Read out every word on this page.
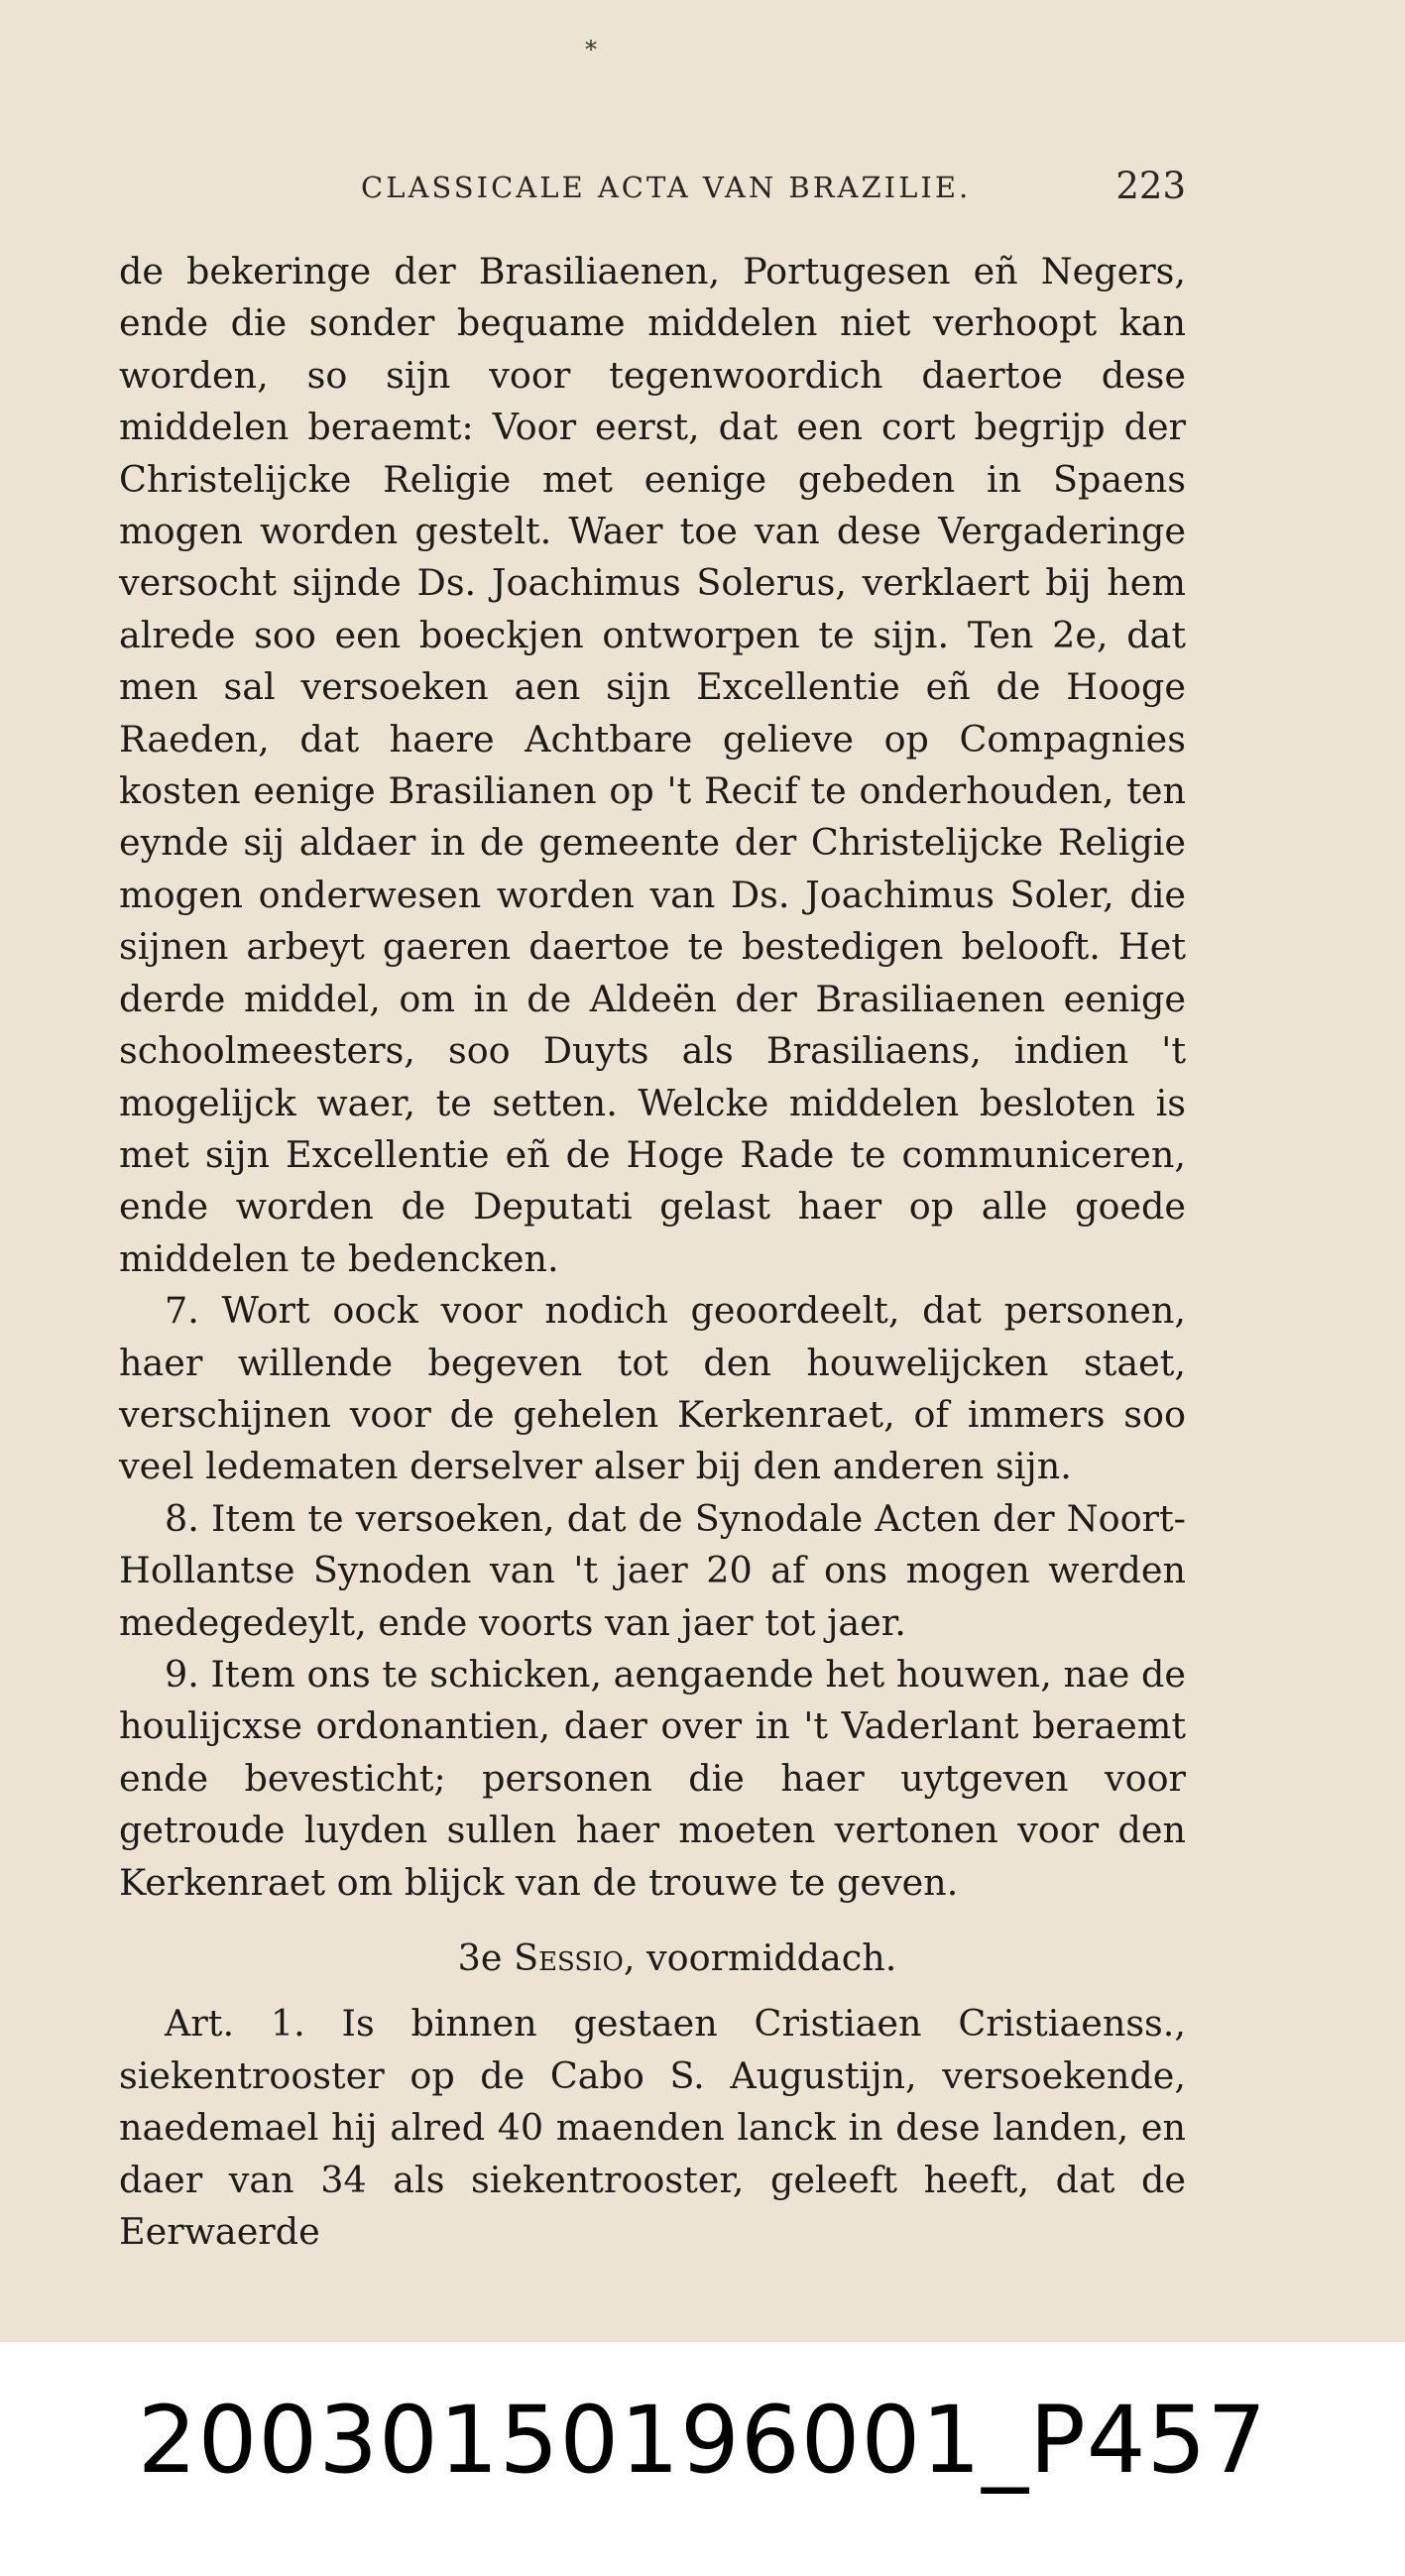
*
CLASSICALE ACTA VAN BRAZILIE.	223

de bekeringe der Brasiliaenen, Portugesen eñ Negers, ende die sonder bequame middelen niet verhoopt kan worden, so sijn voor tegenwoordich daertoe dese middelen beraemt: Voor eerst, dat een cort begrijp der Christelijcke Religie met eenige gebeden in Spaens mogen worden gestelt. Waer toe van dese Vergaderinge versocht sijnde Ds. Joachimus Solerus, verklaert bij hem alrede soo een boeckjen ontworpen te sijn. Ten 2e, dat men sal versoeken aen sijn Excellentie eñ de Hooge Raeden, dat haere Achtbare gelieve op Compagnies kosten eenige Brasilianen op 't Recif te onderhouden, ten eynde sij aldaer in de gemeente der Christelijcke Religie mogen onderwesen worden van Ds. Joachimus Soler, die sijnen arbeyt gaeren daertoe te bestedigen belooft. Het derde middel, om in de Aldeën der Brasiliaenen eenige schoolmeesters, soo Duyts als Brasiliaens, indien 't mogelijck waer, te setten. Welcke middelen besloten is met sijn Excellentie eñ de Hoge Rade te communiceren, ende worden de Deputati gelast haer op alle goede middelen te bedencken.

7. Wort oock voor nodich geoordeelt, dat personen, haer willende begeven tot den houwelijcken staet, verschijnen voor de gehelen Kerkenraet, of immers soo veel ledematen derselver alser bij den anderen sijn.

8. Item te versoeken, dat de Synodale Acten der Noort-Hollantse Synoden van 't jaer 20 af ons mogen werden medegedeylt, ende voorts van jaer tot jaer.

9. Item ons te schicken, aengaende het houwen, nae de houlijcxse ordonantien, daer over in 't Vaderlant beraemt ende bevesticht; personen die haer uytgeven voor getroude luyden sullen haer moeten vertonen voor den Kerkenraet om blijck van de trouwe te geven.

3e Sessio, voormiddach.

Art. 1. Is binnen gestaen Cristiaen Cristiaenss., siekentrooster op de Cabo S. Augustijn, versoekende, naedemael hij alred 40 maenden lanck in dese landen, en daer van 34 als siekentrooster, geleeft heeft, dat de Eerwaerde

20030150196001_P457
